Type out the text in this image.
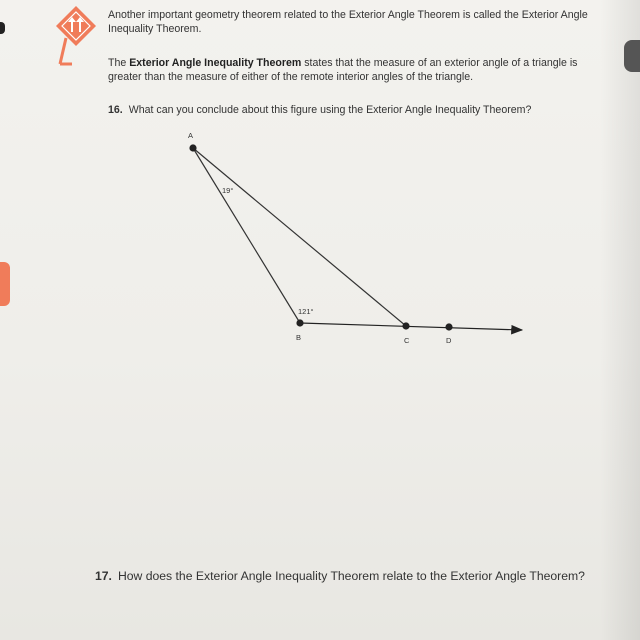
Another important geometry theorem related to the Exterior Angle Theorem is called the Exterior Angle Inequality Theorem.
The Exterior Angle Inequality Theorem states that the measure of an exterior angle of a triangle is greater than the measure of either of the remote interior angles of the triangle.
16. What can you conclude about this figure using the Exterior Angle Inequality Theorem?
A
B	C	D
19°
121°
17. How does the Exterior Angle Inequality Theorem relate to the Exterior Angle Theorem?
